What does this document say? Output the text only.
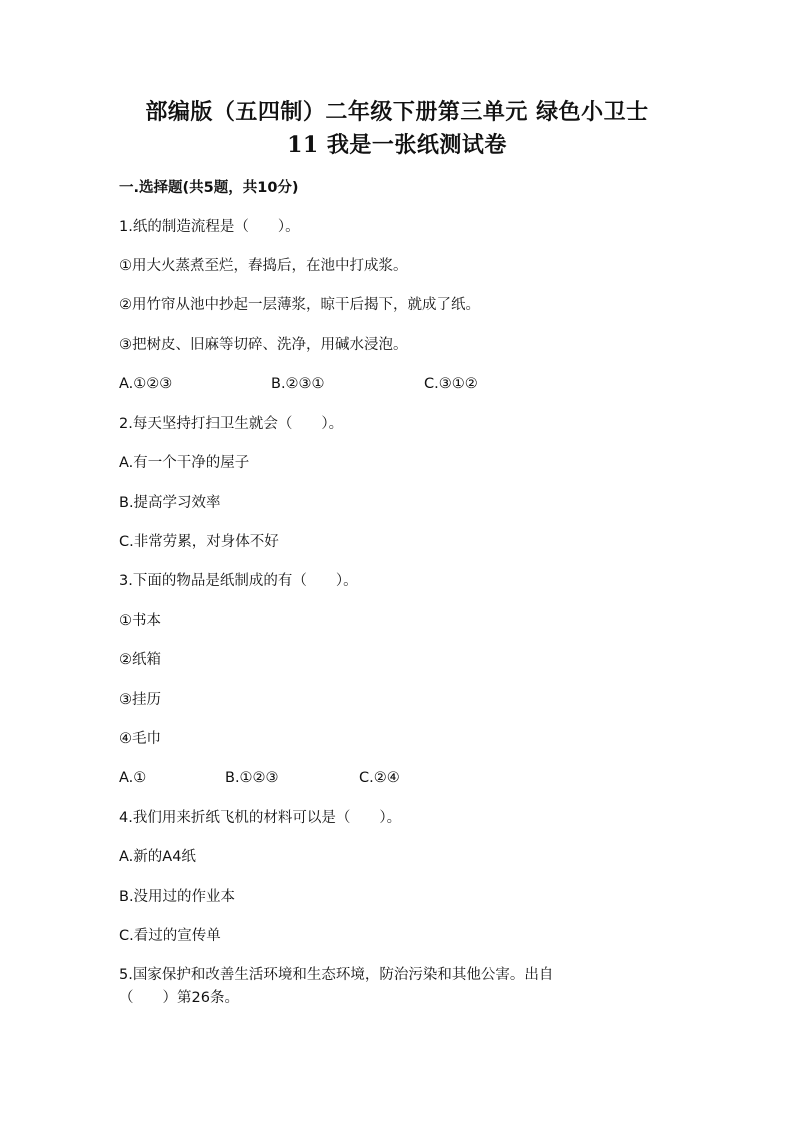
部编版（五四制）二年级下册第三单元 绿色小卫士
11 我是一张纸测试卷
一.选择题(共5题，共10分)
1.纸的制造流程是（　　）。
①用大火蒸煮至烂，舂捣后，在池中打成浆。
②用竹帘从池中抄起一层薄浆，晾干后揭下，就成了纸。
③把树皮、旧麻等切碎、洗净，用碱水浸泡。
A.①②③	B.②③①	C.③①②
2.每天坚持打扫卫生就会（　　）。
A.有一个干净的屋子
B.提高学习效率
C.非常劳累，对身体不好
3.下面的物品是纸制成的有（　　）。
①书本
②纸箱
③挂历
④毛巾
A.①	B.①②③	C.②④
4.我们用来折纸飞机的材料可以是（　　）。
A.新的A4纸
B.没用过的作业本
C.看过的宣传单
5.国家保护和改善生活环境和生态环境，防治污染和其他公害。出自
（　　）第26条。
